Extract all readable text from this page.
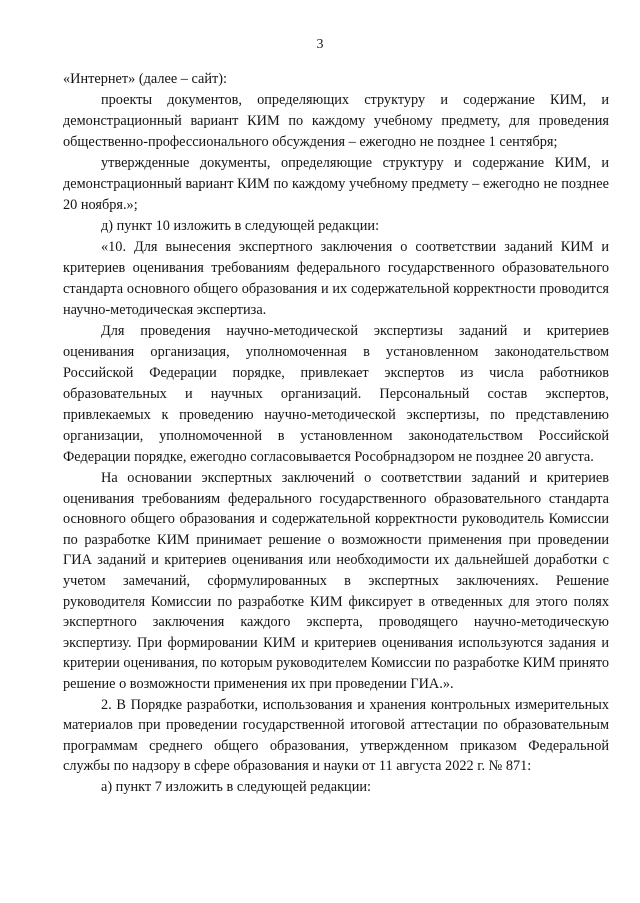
3

«Интернет» (далее – сайт):

проекты документов, определяющих структуру и содержание КИМ, и демонстрационный вариант КИМ по каждому учебному предмету, для проведения общественно-профессионального обсуждения – ежегодно не позднее 1 сентября;

утвержденные документы, определяющие структуру и содержание КИМ, и демонстрационный вариант КИМ по каждому учебному предмету – ежегодно не позднее 20 ноября.»;

д) пункт 10 изложить в следующей редакции:

«10. Для вынесения экспертного заключения о соответствии заданий КИМ и критериев оценивания требованиям федерального государственного образовательного стандарта основного общего образования и их содержательной корректности проводится научно-методическая экспертиза.

Для проведения научно-методической экспертизы заданий и критериев оценивания организация, уполномоченная в установленном законодательством Российской Федерации порядке, привлекает экспертов из числа работников образовательных и научных организаций. Персональный состав экспертов, привлекаемых к проведению научно-методической экспертизы, по представлению организации, уполномоченной в установленном законодательством Российской Федерации порядке, ежегодно согласовывается Рособрнадзором не позднее 20 августа.

На основании экспертных заключений о соответствии заданий и критериев оценивания требованиям федерального государственного образовательного стандарта основного общего образования и содержательной корректности руководитель Комиссии по разработке КИМ принимает решение о возможности применения при проведении ГИА заданий и критериев оценивания или необходимости их дальнейшей доработки с учетом замечаний, сформулированных в экспертных заключениях. Решение руководителя Комиссии по разработке КИМ фиксирует в отведенных для этого полях экспертного заключения каждого эксперта, проводящего научно-методическую экспертизу. При формировании КИМ и критериев оценивания используются задания и критерии оценивания, по которым руководителем Комиссии по разработке КИМ принято решение о возможности применения их при проведении ГИА.».

2. В Порядке разработки, использования и хранения контрольных измерительных материалов при проведении государственной итоговой аттестации по образовательным программам среднего общего образования, утвержденном приказом Федеральной службы по надзору в сфере образования и науки от 11 августа 2022 г. № 871:

а) пункт 7 изложить в следующей редакции:
